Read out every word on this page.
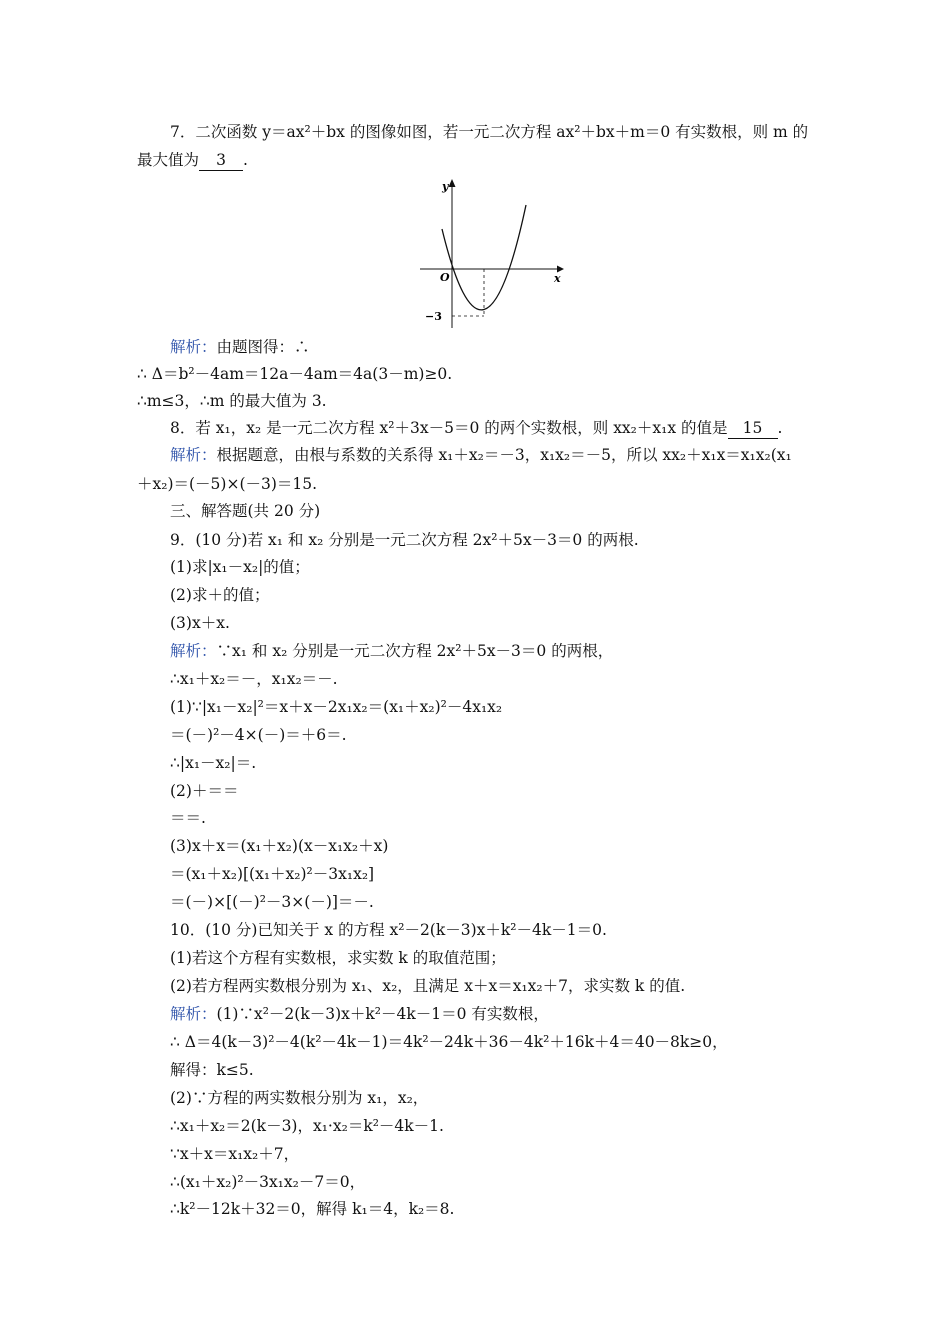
7．二次函数 y＝ax²＋bx 的图像如图，若一元二次方程 ax²＋bx＋m＝0 有实数根，则 m 的
最大值为 3 .
y
x
O
−3
解析：由题图得：∴
∴ Δ＝b²－4am＝12a－4am＝4a(3－m)≥0.
∴m≤3，∴m 的最大值为 3.
8．若 x₁，x₂ 是一元二次方程 x²＋3x－5＝0 的两个实数根，则 xx₂＋x₁x 的值是 15 .
解析：根据题意，由根与系数的关系得 x₁＋x₂＝－3，x₁x₂＝－5，所以 xx₂＋x₁x＝x₁x₂(x₁
＋x₂)＝(－5)×(－3)＝15.
三、解答题(共 20 分)
9．(10 分)若 x₁ 和 x₂ 分别是一元二次方程 2x²＋5x－3＝0 的两根.
(1)求|x₁－x₂|的值；
(2)求＋的值；
(3)x＋x.
解析：∵x₁ 和 x₂ 分别是一元二次方程 2x²＋5x－3＝0 的两根，
∴x₁＋x₂＝－，x₁x₂＝－.
(1)∵|x₁－x₂|²＝x＋x－2x₁x₂＝(x₁＋x₂)²－4x₁x₂
＝(－)²－4×(－)＝＋6＝.
∴|x₁－x₂|＝.
(2)＋＝＝
＝＝.
(3)x＋x＝(x₁＋x₂)(x－x₁x₂＋x)
＝(x₁＋x₂)[(x₁＋x₂)²－3x₁x₂]
＝(－)×[(－)²－3×(－)]＝－.
10．(10 分)已知关于 x 的方程 x²－2(k－3)x＋k²－4k－1＝0.
(1)若这个方程有实数根，求实数 k 的取值范围；
(2)若方程两实数根分别为 x₁、x₂，且满足 x＋x＝x₁x₂＋7，求实数 k 的值.
解析：(1)∵x²－2(k－3)x＋k²－4k－1＝0 有实数根，
∴ Δ＝4(k－3)²－4(k²－4k－1)＝4k²－24k＋36－4k²＋16k＋4＝40－8k≥0，
解得：k≤5.
(2)∵方程的两实数根分别为 x₁，x₂，
∴x₁＋x₂＝2(k－3)，x₁·x₂＝k²－4k－1.
∵x＋x＝x₁x₂＋7，
∴(x₁＋x₂)²－3x₁x₂－7＝0，
∴k²－12k＋32＝0，解得 k₁＝4，k₂＝8.
